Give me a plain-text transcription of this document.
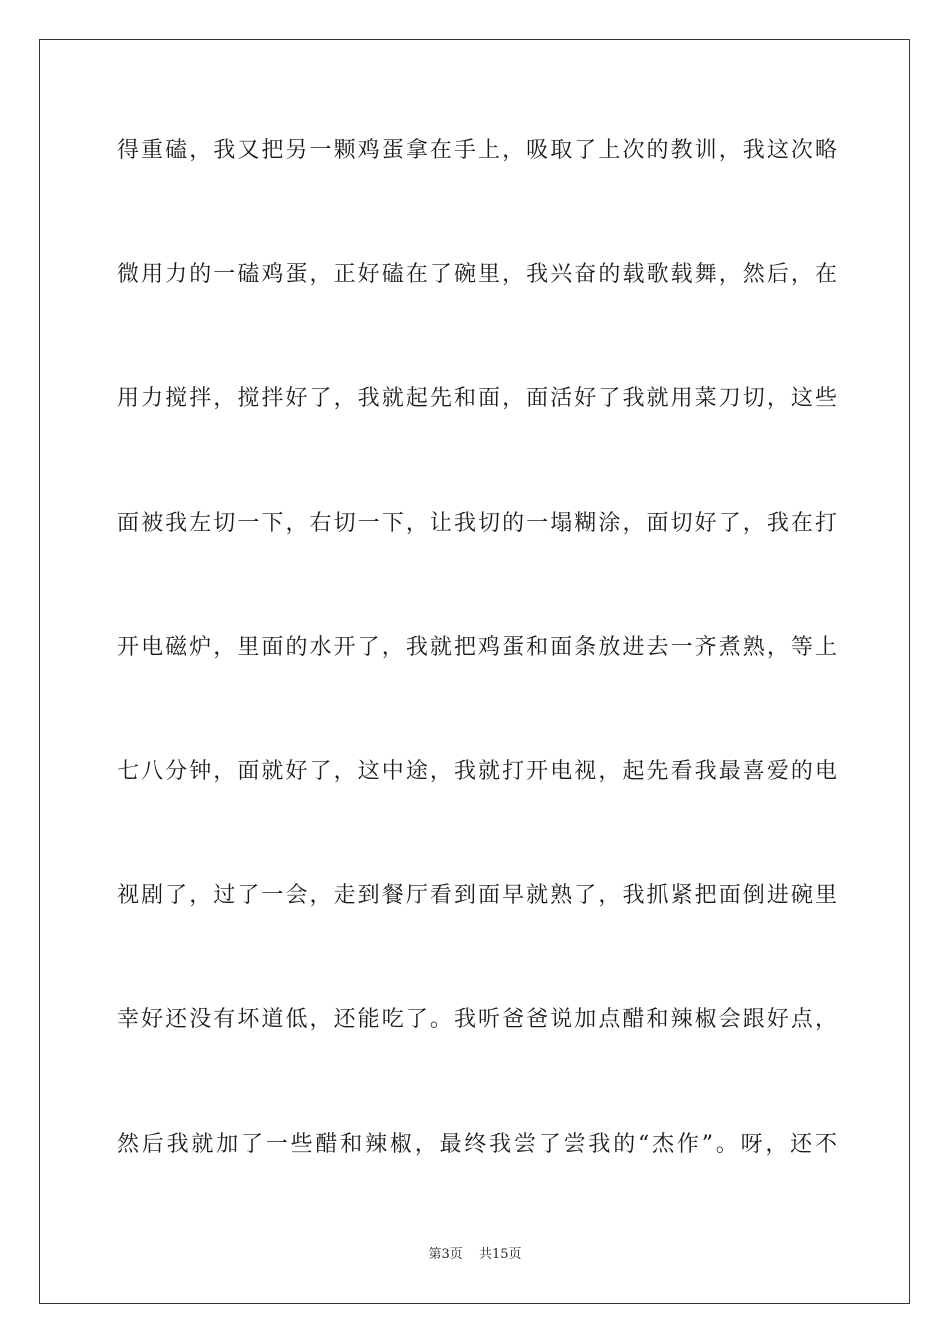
得重磕，我又把另一颗鸡蛋拿在手上，吸取了上次的教训，我这次略
微用力的一磕鸡蛋，正好磕在了碗里，我兴奋的载歌载舞，然后，在
用力搅拌，搅拌好了，我就起先和面，面活好了我就用菜刀切，这些
面被我左切一下，右切一下，让我切的一塌糊涂，面切好了，我在打
开电磁炉，里面的水开了，我就把鸡蛋和面条放进去一齐煮熟，等上
七八分钟，面就好了，这中途，我就打开电视，起先看我最喜爱的电
视剧了，过了一会，走到餐厅看到面早就熟了，我抓紧把面倒进碗里
幸好还没有坏道低，还能吃了。我听爸爸说加点醋和辣椒会跟好点，
然后我就加了一些醋和辣椒，最终我尝了尝我的“杰作”。呀，还不
第3页 共15页
